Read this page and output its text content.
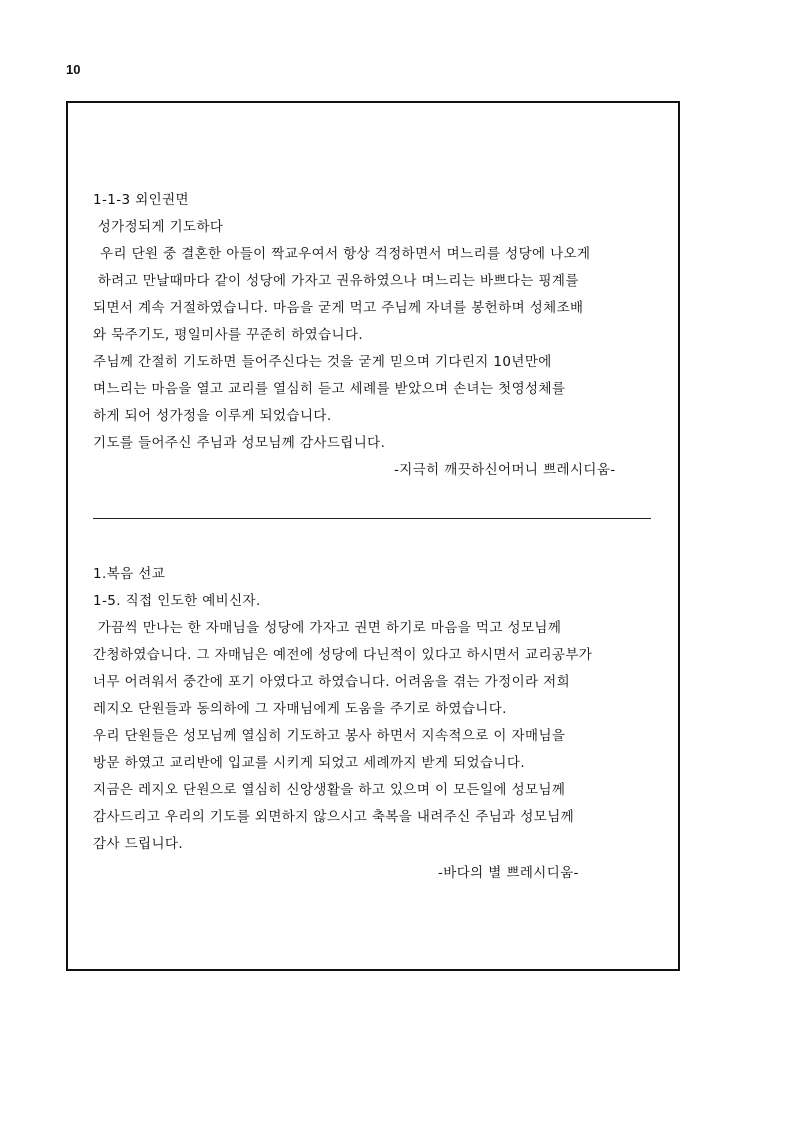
10
1-1-3 외인권면
성가정되게 기도하다
우리 단원 중 결혼한 아들이 짝교우여서 항상 걱정하면서 며느리를 성당에 나오게
하려고 만날때마다 같이 성당에 가자고 권유하였으나 며느리는 바쁘다는 핑계를
되면서 계속 거절하였습니다. 마음을 굳게 먹고 주님께 자녀를 봉헌하며 성체조배
와 묵주기도, 평일미사를 꾸준히 하였습니다.
주님께 간절히 기도하면 들어주신다는 것을 굳게 믿으며 기다린지 10년만에
며느리는 마음을 열고 교리를 열심히 듣고 세례를 받았으며 손녀는 첫영성체를
하게 되어 성가정을 이루게 되었습니다.
기도를 들어주신 주님과 성모님께 감사드립니다.
-지극히 깨끗하신어머니 쁘레시디움-
1.복음 선교
1-5. 직접 인도한 예비신자.
가끔씩 만나는 한 자매님을 성당에 가자고 권면 하기로 마음을 먹고 성모님께
간청하였습니다. 그 자매님은 예전에 성당에 다닌적이 있다고 하시면서 교리공부가
너무 어려워서 중간에 포기 아였다고 하였습니다. 어려움을 겪는 가정이라 저희
레지오 단원들과 동의하에 그 자매님에게 도움을 주기로 하였습니다.
우리 단원들은 성모님께 열심히 기도하고 봉사 하면서 지속적으로 이 자매님을
방문 하였고 교리반에 입교를 시키게 되었고 세례까지 받게 되었습니다.
지금은 레지오 단원으로 열심히 신앙생활을 하고 있으며 이 모든일에 성모님께
감사드리고 우리의 기도를 외면하지 않으시고 축복을 내려주신 주님과 성모님께
감사 드립니다.
-바다의 별 쁘레시디움-
